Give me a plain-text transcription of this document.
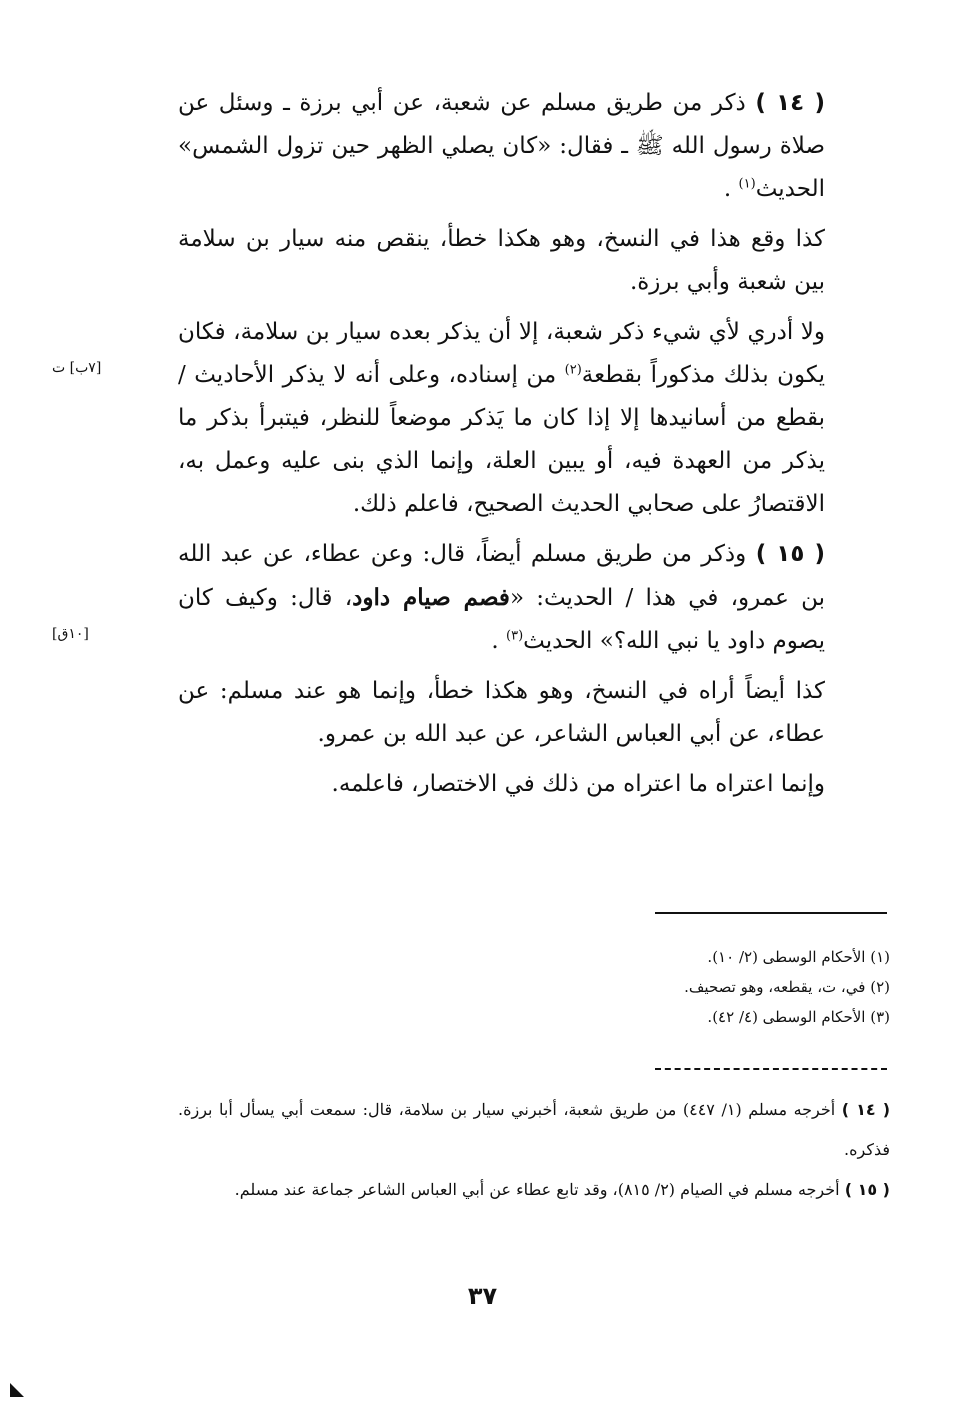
( ١٤ ) ذكر من طريق مسلم عن شعبة، عن أبي برزة ـ وسئل عن صلاة رسول الله ﷺ ـ فقال: «كان يصلي الظهر حين تزول الشمس» الحديث$^{(١)}$ .

كذا وقع هذا في النسخ، وهو هكذا خطأ، ينقص منه سيار بن سلامة بين شعبة وأبي برزة.

ولا أدري لأي شيء ذكر شعبة، إلا أن يذكر بعده سيار بن سلامة، فكان يكون بذلك مذكوراً بقطعة$^{(٢)}$ من إسناده، وعلى أنه لا يذكر الأحاديث / بقطع من أسانيدها إلا إذا كان ما يَذكر موضعاً للنظر، فيتبرأ بذكر ما يذكر من العهدة فيه، أو يبين العلة، وإنما الذي بنى عليه وعمل به، الاقتصارُ على صحابي الحديث الصحيح، فاعلم ذلك.

( ١٥ ) وذكر من طريق مسلم أيضاً، قال: وعن عطاء، عن عبد الله بن عمرو، في هذا / الحديث: «فصم صيام داود، قال: وكيف كان يصوم داود يا نبي الله؟» الحديث$^{(٣)}$ .

كذا أيضاً أراه في النسخ، وهو هكذا خطأ، وإنما هو عند مسلم: عن عطاء، عن أبي العباس الشاعر، عن عبد الله بن عمرو.

وإنما اعتراه ما اعتراه من ذلك في الاختصار، فاعلمه.

[٧ب] ت
[١٠ق]

(١) الأحكام الوسطى (٢/ ١٠).

(٢) في، ت، يقطعه، وهو تصحيف.

(٣) الأحكام الوسطى (٤/ ٤٢).

( ١٤ ) أخرجه مسلم (١/ ٤٤٧) من طريق شعبة، أخبرني سيار بن سلامة، قال: سمعت أبي يسأل أبا برزة. فذكره.

( ١٥ ) أخرجه مسلم في الصيام (٢/ ٨١٥)، وقد تابع عطاء عن أبي العباس الشاعر جماعة عند مسلم.

٣٧
